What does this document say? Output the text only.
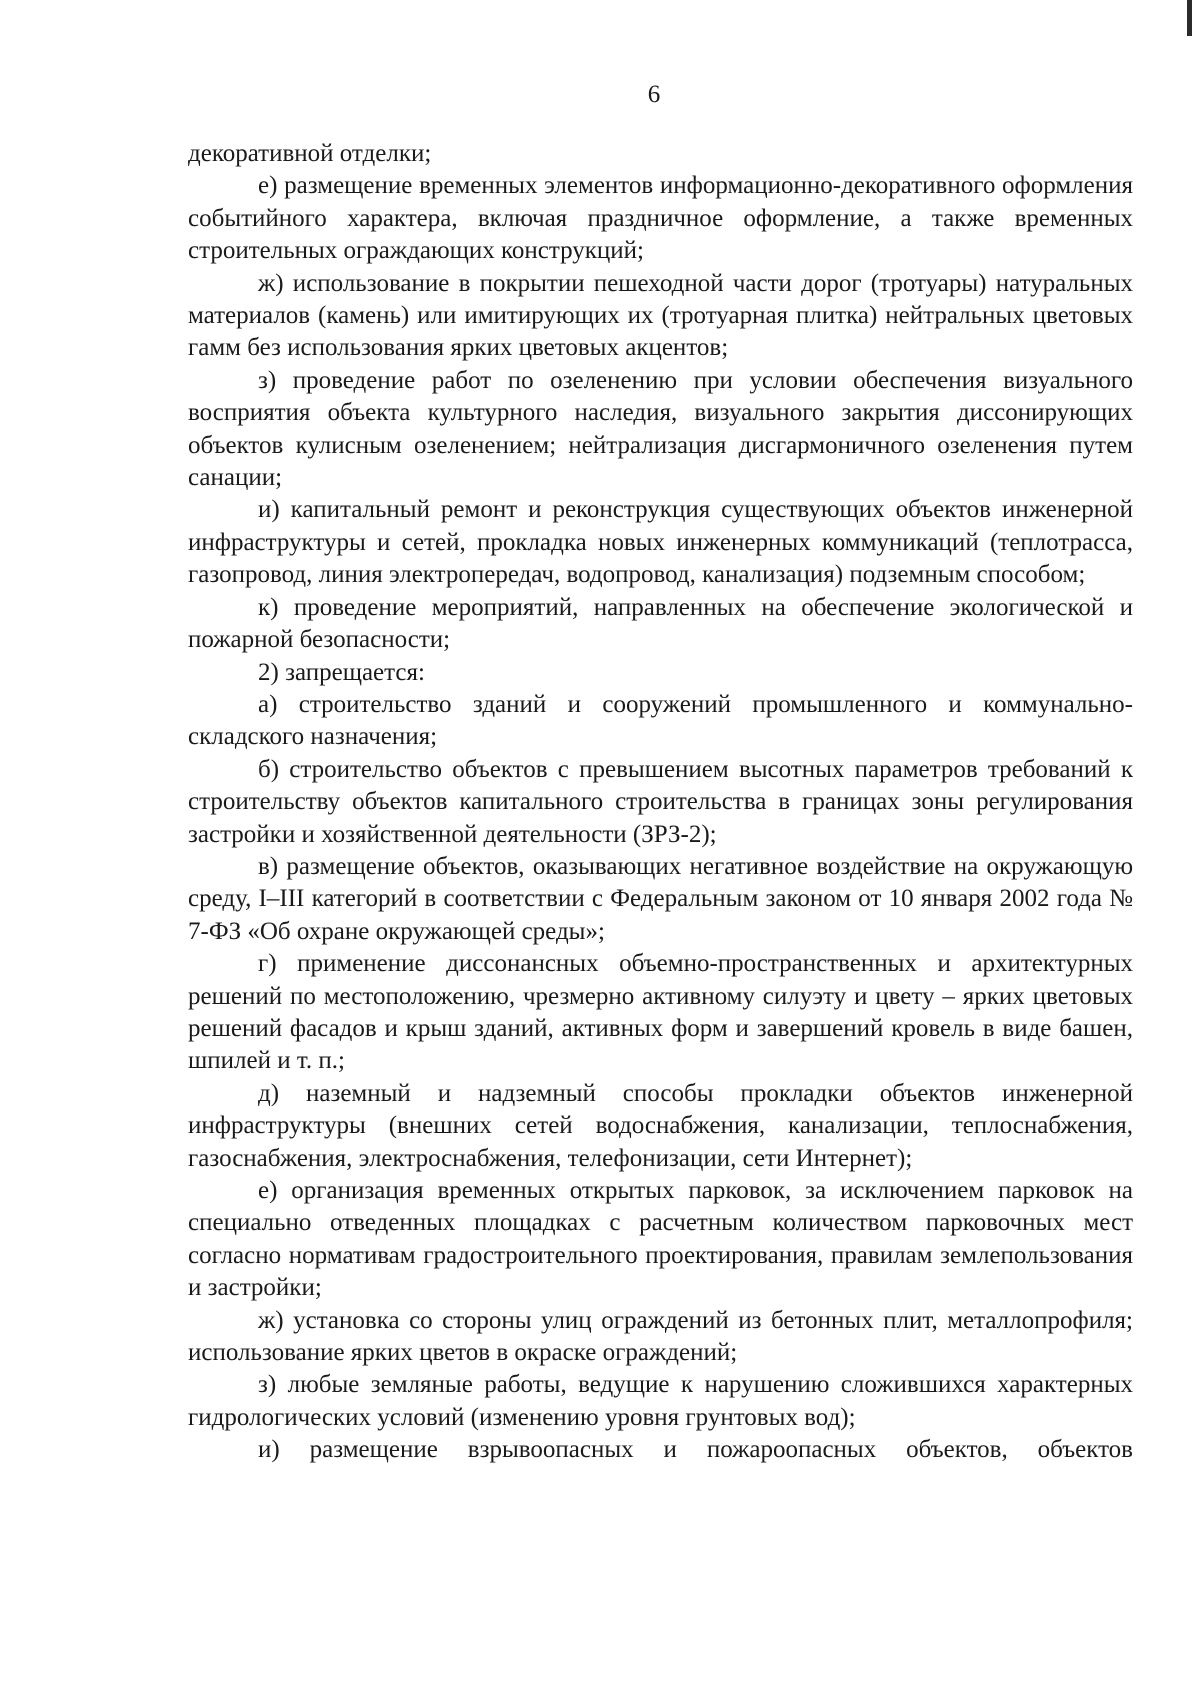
6

декоративной отделки;

е) размещение временных элементов информационно-декоративного оформления событийного характера, включая праздничное оформление, а также временных строительных ограждающих конструкций;

ж) использование в покрытии пешеходной части дорог (тротуары) натуральных материалов (камень) или имитирующих их (тротуарная плитка) нейтральных цветовых гамм без использования ярких цветовых акцентов;

з) проведение работ по озеленению при условии обеспечения визуального восприятия объекта культурного наследия, визуального закрытия диссонирующих объектов кулисным озеленением; нейтрализация дисгармоничного озеленения путем санации;

и) капитальный ремонт и реконструкция существующих объектов инженерной инфраструктуры и сетей, прокладка новых инженерных коммуникаций (теплотрасса, газопровод, линия электропередач, водопровод, канализация) подземным способом;

к) проведение мероприятий, направленных на обеспечение экологической и пожарной безопасности;

2) запрещается:

а) строительство зданий и сооружений промышленного и коммунально-складского назначения;

б) строительство объектов с превышением высотных параметров требований к строительству объектов капитального строительства в границах зоны регулирования застройки и хозяйственной деятельности (ЗРЗ-2);

в) размещение объектов, оказывающих негативное воздействие на окружающую среду, I–III категорий в соответствии с Федеральным законом от 10 января 2002 года № 7-ФЗ «Об охране окружающей среды»;

г) применение диссонансных объемно-пространственных и архитектурных решений по местоположению, чрезмерно активному силуэту и цвету – ярких цветовых решений фасадов и крыш зданий, активных форм и завершений кровель в виде башен, шпилей и т. п.;

д) наземный и надземный способы прокладки объектов инженерной инфраструктуры (внешних сетей водоснабжения, канализации, теплоснабжения, газоснабжения, электроснабжения, телефонизации, сети Интернет);

е) организация временных открытых парковок, за исключением парковок на специально отведенных площадках с расчетным количеством парковочных мест согласно нормативам градостроительного проектирования, правилам землепользования и застройки;

ж) установка со стороны улиц ограждений из бетонных плит, металлопрофиля; использование ярких цветов в окраске ограждений;

з) любые земляные работы, ведущие к нарушению сложившихся характерных гидрологических условий (изменению уровня грунтовых вод);

и) размещение взрывоопасных и пожароопасных объектов, объектов
